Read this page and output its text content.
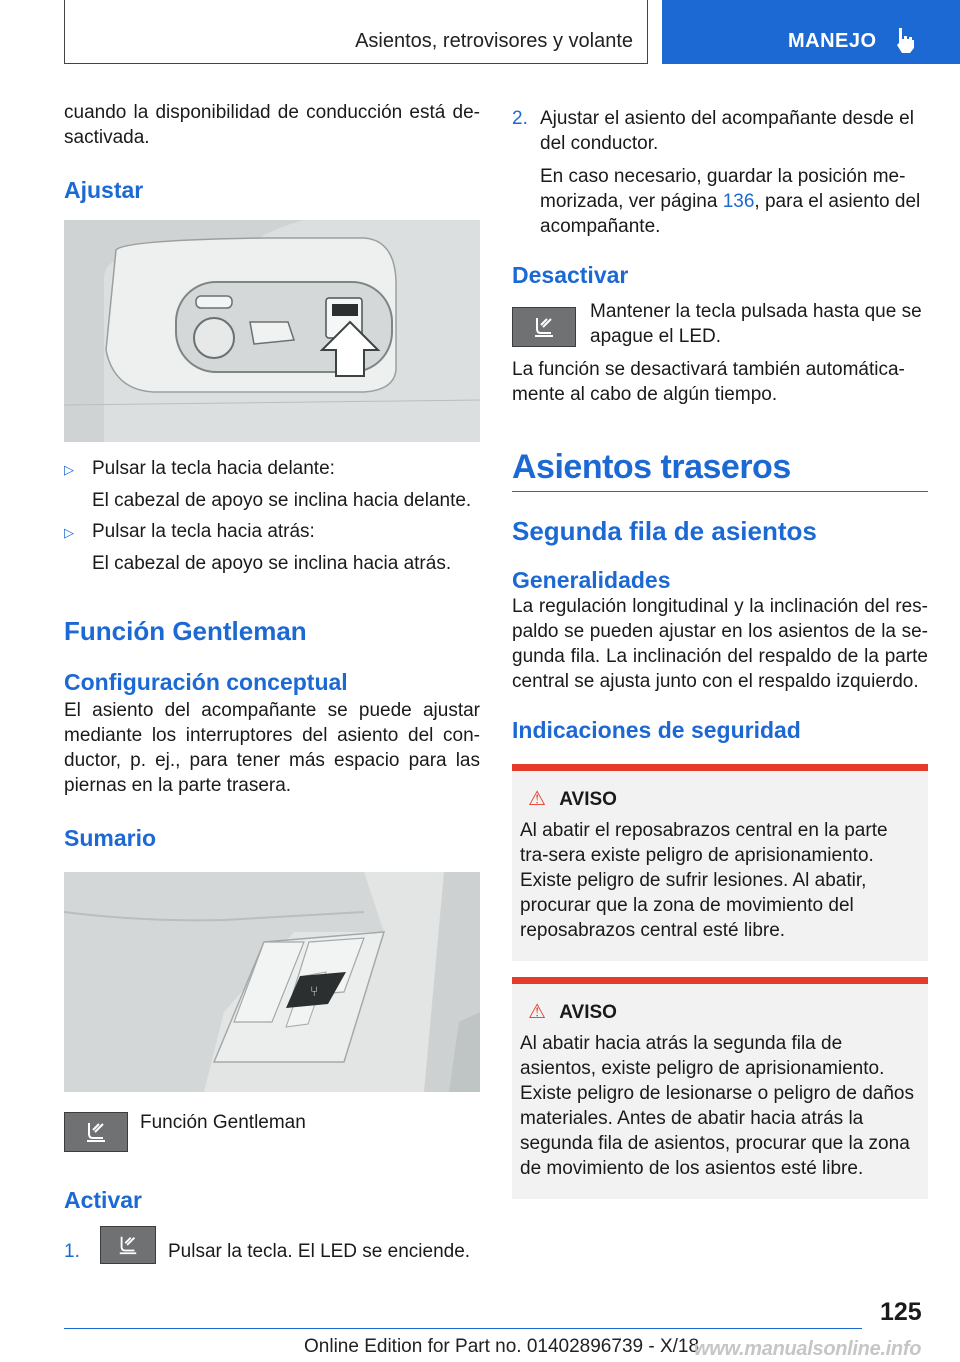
Asientos, retrovisores y volante	MANEJO

cuando la disponibilidad de conducción está de-sactivada.

Ajustar

▷ Pulsar la tecla hacia delante:

El cabezal de apoyo se inclina hacia delante.

▷ Pulsar la tecla hacia atrás:

El cabezal de apoyo se inclina hacia atrás.

Función Gentleman

Configuración conceptual

El asiento del acompañante se puede ajustar mediante los interruptores del asiento del con-ductor, p. ej., para tener más espacio para las piernas en la parte trasera.

Sumario

⑂
Función Gentleman

Activar

1.	Pulsar la tecla. El LED se enciende.
2. Ajustar el asiento del acompañante desde el del conductor.

En caso necesario, guardar la posición me-morizada, ver página 136, para el asiento del acompañante.

Desactivar

Mantener la tecla pulsada hasta que se apague el LED.

La función se desactivará también automática-mente al cabo de algún tiempo.

Asientos traseros

Segunda fila de asientos

Generalidades

La regulación longitudinal y la inclinación del res-paldo se pueden ajustar en los asientos de la se-gunda fila. La inclinación del respaldo de la parte central se ajusta junto con el respaldo izquierdo.

Indicaciones de seguridad

⚠ AVISO

Al abatir el reposabrazos central en la parte tra-sera existe peligro de aprisionamiento. Existe peligro de sufrir lesiones. Al abatir, procurar que la zona de movimiento del reposabrazos central esté libre.

⚠ AVISO

Al abatir hacia atrás la segunda fila de asientos, existe peligro de aprisionamiento. Existe peligro de lesionarse o peligro de daños materiales. Antes de abatir hacia atrás la segunda fila de asientos, procurar que la zona de movimiento de los asientos esté libre.

125
Online Edition for Part no. 01402896739 - X/18
www.manualsonline.info
